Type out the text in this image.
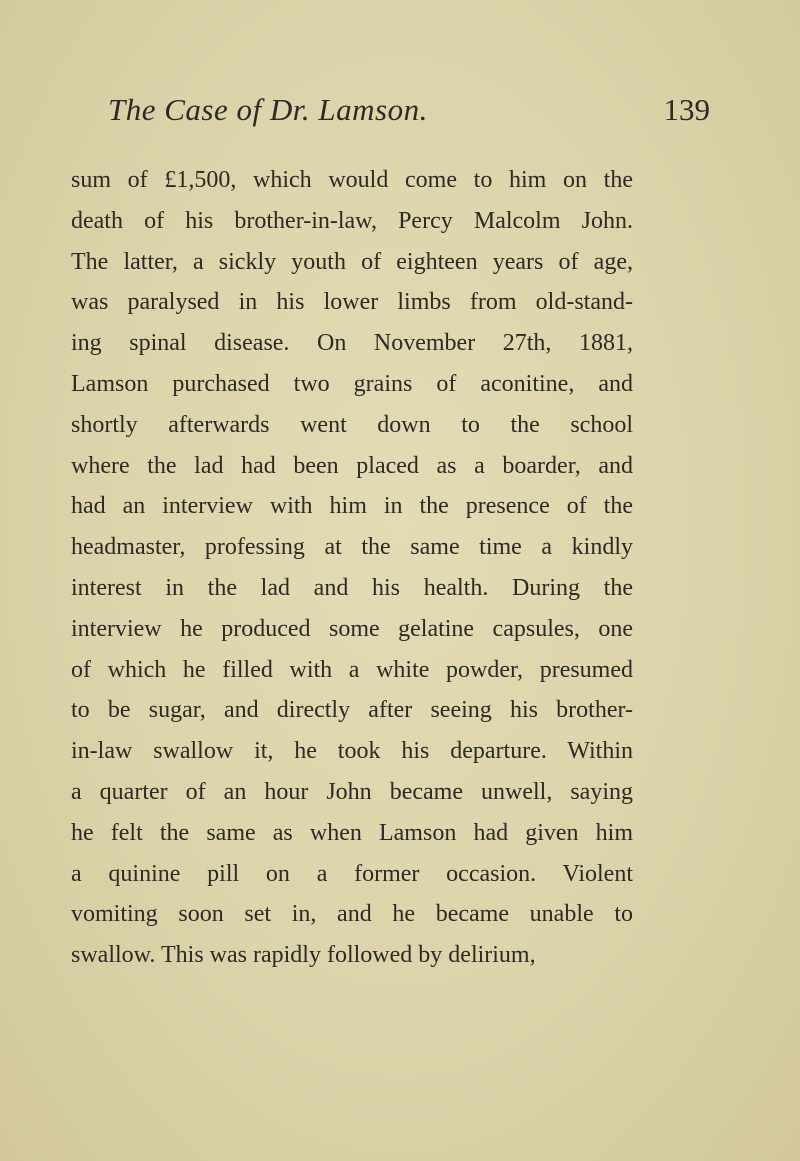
The Case of Dr. Lamson.	139
sum of £1,500, which would come to him on the
death of his brother-in-law, Percy Malcolm John.
The latter, a sickly youth of eighteen years of age,
was paralysed in his lower limbs from old-stand-
ing spinal disease. On November 27th, 1881,
Lamson purchased two grains of aconitine, and
shortly afterwards went down to the school
where the lad had been placed as a boarder, and
had an interview with him in the presence of the
headmaster, professing at the same time a kindly
interest in the lad and his health. During the
interview he produced some gelatine capsules, one
of which he filled with a white powder, presumed
to be sugar, and directly after seeing his brother-
in-law swallow it, he took his departure. Within
a quarter of an hour John became unwell, saying
he felt the same as when Lamson had given him
a quinine pill on a former occasion. Violent
vomiting soon set in, and he became unable to
swallow. This was rapidly followed by delirium,
